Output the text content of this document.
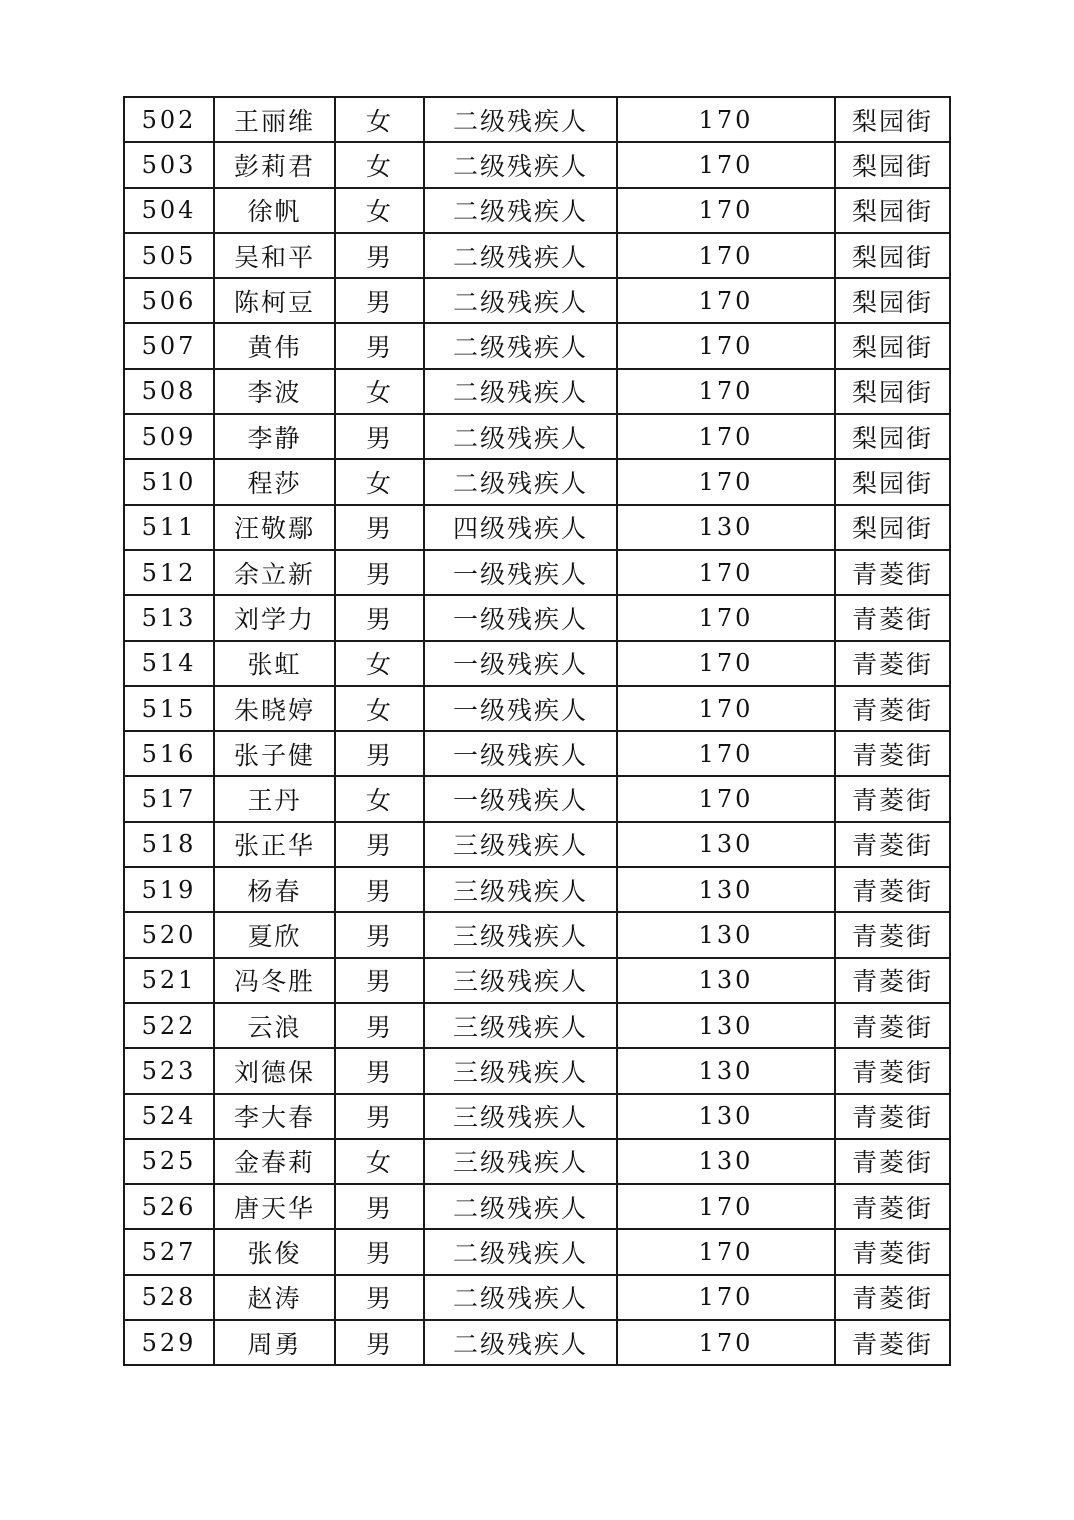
502	王丽维	女	二级残疾人	170	梨园街
503	彭莉君	女	二级残疾人	170	梨园街
504	徐帆	女	二级残疾人	170	梨园街
505	吴和平	男	二级残疾人	170	梨园街
506	陈柯豆	男	二级残疾人	170	梨园街
507	黄伟	男	二级残疾人	170	梨园街
508	李波	女	二级残疾人	170	梨园街
509	李静	男	二级残疾人	170	梨园街
510	程莎	女	二级残疾人	170	梨园街
511	汪敬鄢	男	四级残疾人	130	梨园街
512	余立新	男	一级残疾人	170	青菱街
513	刘学力	男	一级残疾人	170	青菱街
514	张虹	女	一级残疾人	170	青菱街
515	朱晓婷	女	一级残疾人	170	青菱街
516	张子健	男	一级残疾人	170	青菱街
517	王丹	女	一级残疾人	170	青菱街
518	张正华	男	三级残疾人	130	青菱街
519	杨春	男	三级残疾人	130	青菱街
520	夏欣	男	三级残疾人	130	青菱街
521	冯冬胜	男	三级残疾人	130	青菱街
522	云浪	男	三级残疾人	130	青菱街
523	刘德保	男	三级残疾人	130	青菱街
524	李大春	男	三级残疾人	130	青菱街
525	金春莉	女	三级残疾人	130	青菱街
526	唐天华	男	二级残疾人	170	青菱街
527	张俊	男	二级残疾人	170	青菱街
528	赵涛	男	二级残疾人	170	青菱街
529	周勇	男	二级残疾人	170	青菱街
